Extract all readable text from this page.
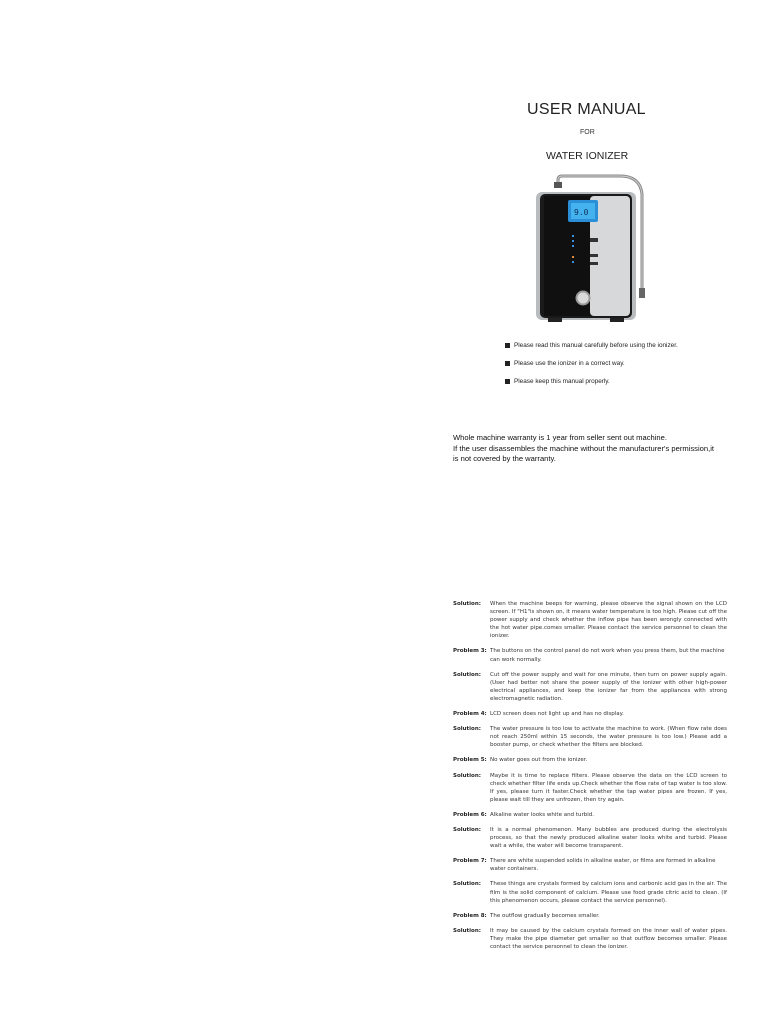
USER MANUAL
FOR
WATER IONIZER
9.0
Please read this manual carefully before using the ionizer.
Please use the ionizer in a correct way.
Please keep this manual properly.
Whole machine warranty is 1 year from seller sent out machine.
If the user disassembles the machine without the manufacturer's permission,it
is not covered by the warranty.
Solution:	When the machine beeps for warning, please observe the signal shown on the LCD screen. If "H1"is shown on, it means water temperature is too high. Please cut off the power supply and check whether the inflow pipe has been wrongly connected with the hot water pipe.comes smaller. Please contact the service personnel to clean the ionizer.
Problem 3: The buttons on the control panel do not work when you press them, but the machine can work normally.
Solution:	Cut off the power supply and wait for one minute, then turn on power supply again. (User had better not share the power supply of the ionizer with other high-power electrical appliances, and keep the ionizer far from the appliances with strong electromagnetic radiation.
Problem 4: LCD screen does not light up and has no display.
Solution:	The water pressure is too low to activate the machine to work. (When flow rate does not reach 250ml within 15 seconds, the water pressure is too low.) Please add a booster pump, or check whether the filters are blocked.
Problem 5: No water goes out from the ionizer.
Solution:	Maybe it is time to replace filters. Please observe the data on the LCD screen to check whether filter life ends up.Check whether the flow rate of tap water is too slow. If yes, please turn it faster.Check whether the tap water pipes are frozen. If yes, please wait till they are unfrozen, then try again.
Problem 6: Alkaline water looks white and turbid.
Solution:	It is a normal phenomenon. Many bubbles are produced during the electrolysis process, so that the newly produced alkaline water looks white and turbid. Please wait a while, the water will become transparent.
Problem 7: There are white suspended solids in alkaline water, or films are formed in alkaline water containers.
Solution:	These things are crystals formed by calcium ions and carbonic acid gas in the air. The film is the solid component of calcium. Please use food grade citric acid to clean. (If this phenomenon occurs, please contact the service personnel).
Problem 8: The outflow gradually becomes smaller.
Solution:	It may be caused by the calcium crystals formed on the inner wall of water pipes. They make the pipe diameter get smaller so that outflow becomes smaller. Please contact the service personnel to clean the ionizer.
